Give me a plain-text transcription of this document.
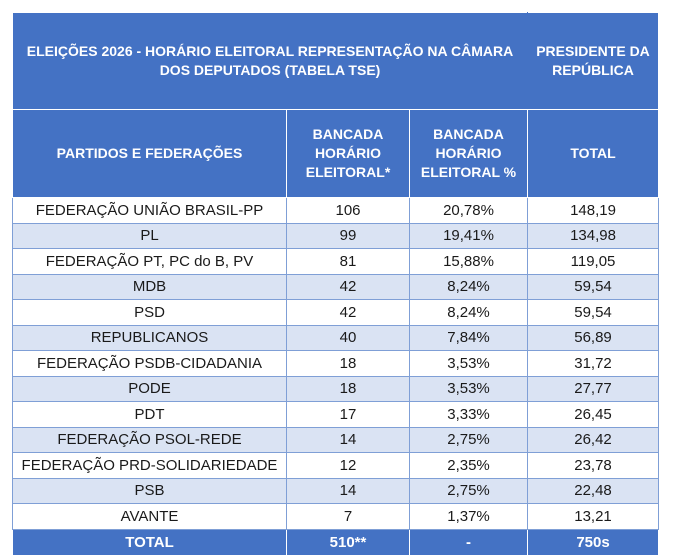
ELEIÇÕES 2026 - HORÁRIO ELEITORAL REPRESENTAÇÃO NA CÂMARA DOS DEPUTADOS (TABELA TSE)			PRESIDENTE DA REPÚBLICA
PARTIDOS E FEDERAÇÕES	BANCADA HORÁRIO ELEITORAL*	BANCADA HORÁRIO ELEITORAL %	TOTAL
FEDERAÇÃO UNIÃO BRASIL-PP	106	20,78%	148,19
PL	99	19,41%	134,98
FEDERAÇÃO PT, PC do B, PV	81	15,88%	119,05
MDB	42	8,24%	59,54
PSD	42	8,24%	59,54
REPUBLICANOS	40	7,84%	56,89
FEDERAÇÃO PSDB-CIDADANIA	18	3,53%	31,72
PODE	18	3,53%	27,77
PDT	17	3,33%	26,45
FEDERAÇÃO PSOL-REDE	14	2,75%	26,42
FEDERAÇÃO PRD-SOLIDARIEDADE	12	2,35%	23,78
PSB	14	2,75%	22,48
AVANTE	7	1,37%	13,21
TOTAL	510**	-	750s
